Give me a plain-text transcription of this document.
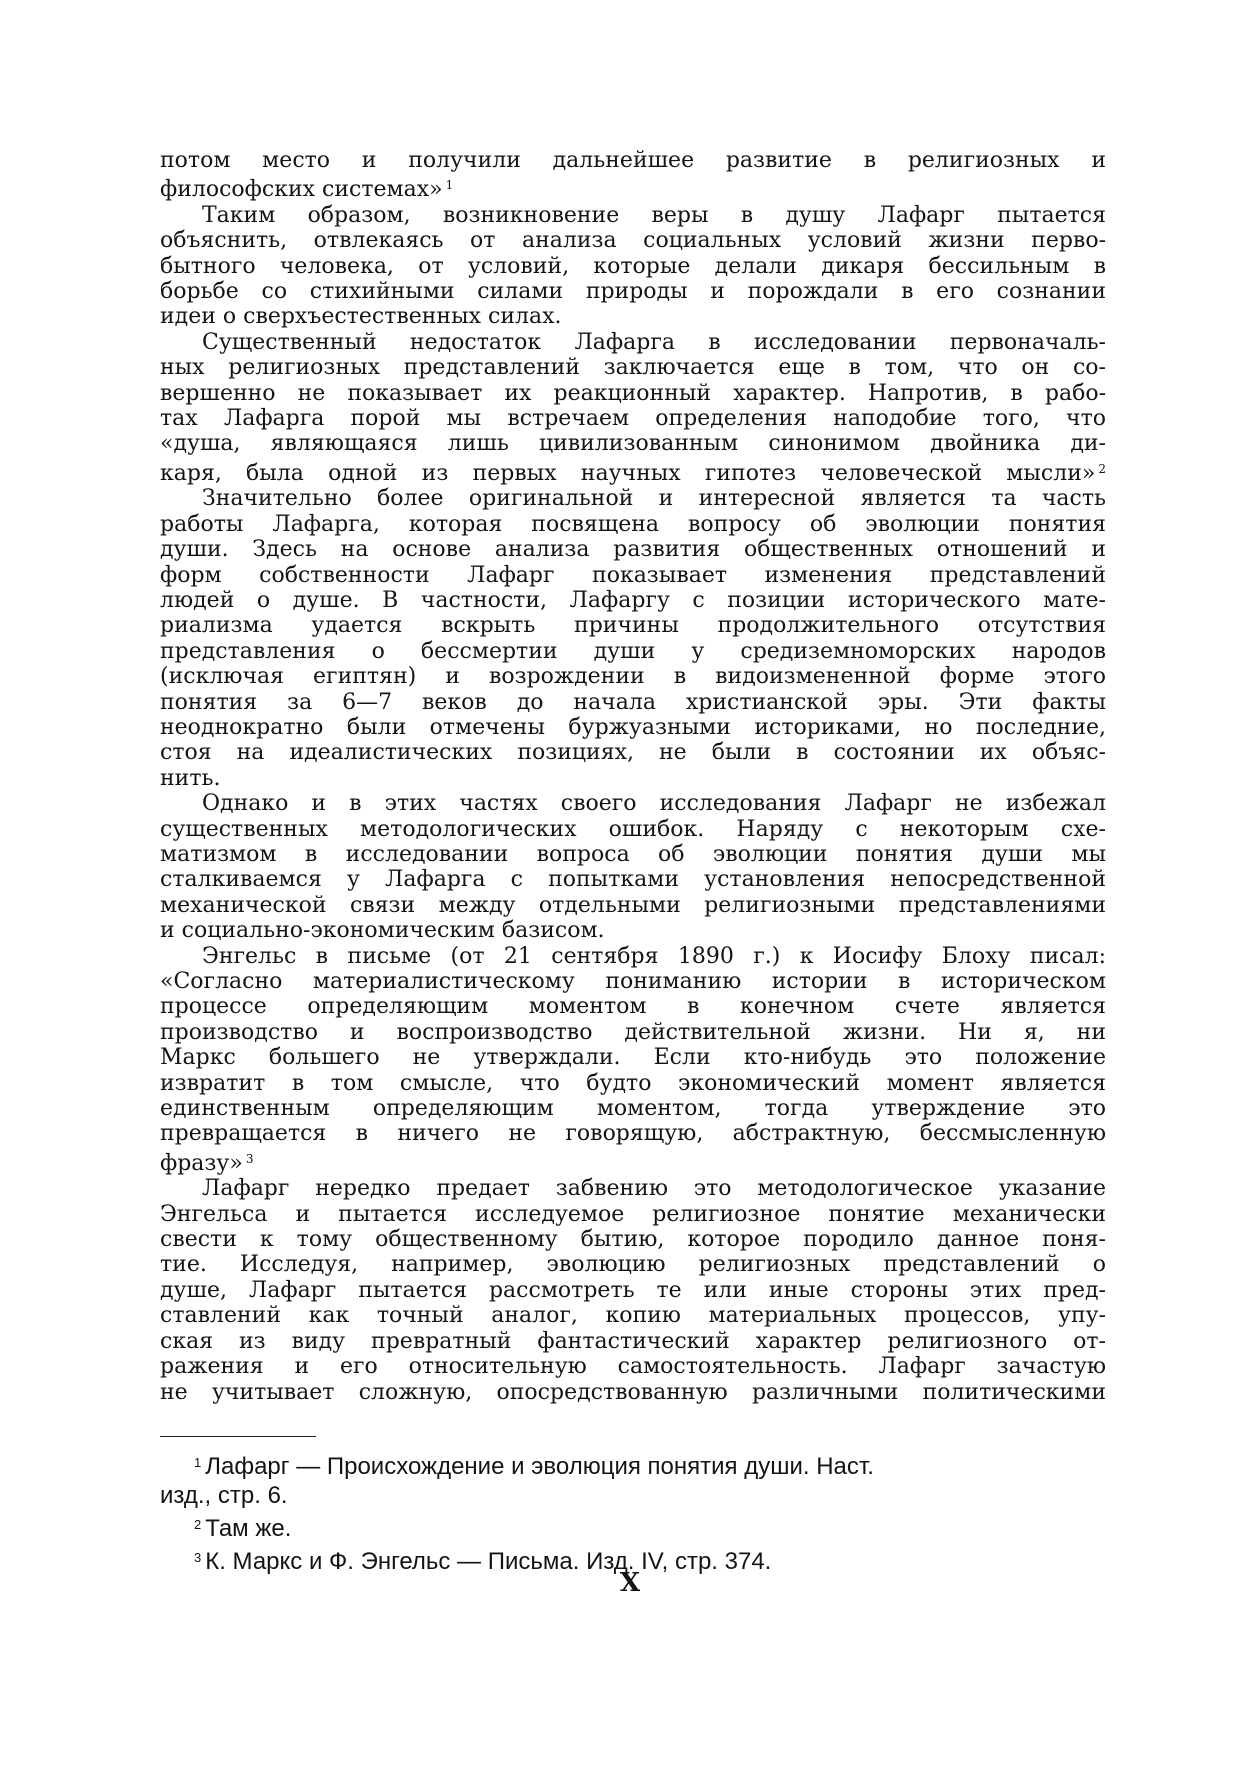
потом место и получили дальнейшее развитие в религиозных и
философских системах» $^1$

Таким образом, возникновение веры в душу Лафарг пытается
объяснить, отвлекаясь от анализа социальных условий жизни перво-
бытного человека, от условий, которые делали дикаря бессильным в
борьбе со стихийными силами природы и порождали в его сознании
идеи о сверхъестественных силах.

Существенный недостаток Лафарга в исследовании первоначаль-
ных религиозных представлений заключается еще в том, что он со-
вершенно не показывает их реакционный характер. Напротив, в рабо-
тах Лафарга порой мы встречаем определения наподобие того, что
«душа, являющаяся лишь цивилизованным синонимом двойника ди-
каря, была одной из первых научных гипотез человеческой мысли» $^2$

Значительно более оригинальной и интересной является та часть
работы Лафарга, которая посвящена вопросу об эволюции понятия
души. Здесь на основе анализа развития общественных отношений и
форм собственности Лафарг показывает изменения представлений
людей о душе. В частности, Лафаргу с позиции исторического мате-
риализма удается вскрыть причины продолжительного отсутствия
представления о бессмертии души у средиземноморских народов
(исключая египтян) и возрождении в видоизмененной форме этого
понятия за 6—7 веков до начала христианской эры. Эти факты
неоднократно были отмечены буржуазными историками, но последние,
стоя на идеалистических позициях, не были в состоянии их объяс-
нить.

Однако и в этих частях своего исследования Лафарг не избежал
существенных методологических ошибок. Наряду с некоторым схе-
матизмом в исследовании вопроса об эволюции понятия души мы
сталкиваемся у Лафарга с попытками установления непосредственной
механической связи между отдельными религиозными представлениями
и социально-экономическим базисом.

Энгельс в письме (от 21 сентября 1890 г.) к Иосифу Блоху писал:
«Согласно материалистическому пониманию истории в историческом
процессе определяющим моментом в конечном счете является
производство и воспроизводство действительной жизни. Ни я, ни
Маркс большего не утверждали. Если кто-нибудь это положение
извратит в том смысле, что будто экономический момент является
единственным определяющим моментом, тогда утверждение это
превращается в ничего не говорящую, абстрактную, бессмысленную
фразу» $^3$

Лафарг нередко предает забвению это методологическое указание
Энгельса и пытается исследуемое религиозное понятие механически
свести к тому общественному бытию, которое породило данное поня-
тие. Исследуя, например, эволюцию религиозных представлений о
душе, Лафарг пытается рассмотреть те или иные стороны этих пред-
ставлений как точный аналог, копию материальных процессов, упу-
ская из виду превратный фантастический характер религиозного от-
ражения и его относительную самостоятельность. Лафарг зачастую
не учитывает сложную, опосредствованную различными политическими

$^1$ Лафарг — Происхождение и эволюция понятия души. Наст.
изд., стр. 6.
$^2$ Там же.
$^3$ К. Маркс и Ф. Энгельс — Письма. Изд. IV, стр. 374.
X
